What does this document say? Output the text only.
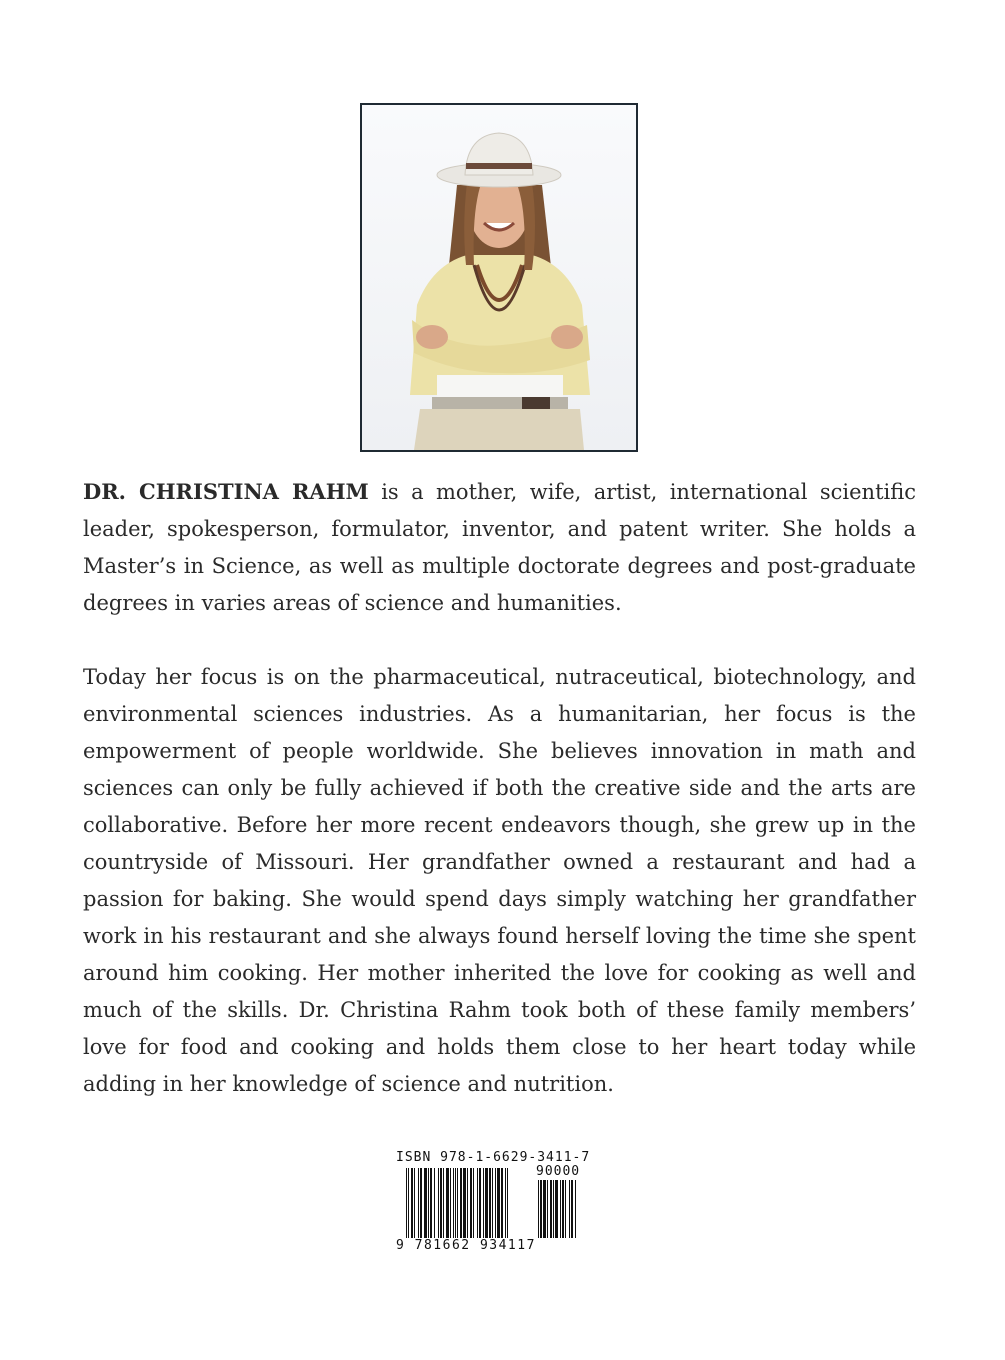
DR. CHRISTINA RAHM is a mother, wife, artist, international scientific leader, spokesperson, formulator, inventor, and patent writer. She holds a Master’s in Science, as well as multiple doctorate degrees and post-graduate degrees in varies areas of science and humanities.

Today her focus is on the pharmaceutical, nutraceutical, biotechnology, and environmental sciences industries. As a humanitarian, her focus is the empowerment of people worldwide. She believes innovation in math and sciences can only be fully achieved if both the creative side and the arts are collaborative. Before her more recent endeavors though, she grew up in the countryside of Missouri. Her grandfather owned a restaurant and had a passion for baking. She would spend days simply watching her grandfather work in his restaurant and she always found herself loving the time she spent around him cooking. Her mother inherited the love for cooking as well and much of the skills. Dr. Christina Rahm took both of these family members’ love for food and cooking and holds them close to her heart today while adding in her knowledge of science and nutrition.

ISBN 978-1-6629-3411-7
90000
9 781662 934117
